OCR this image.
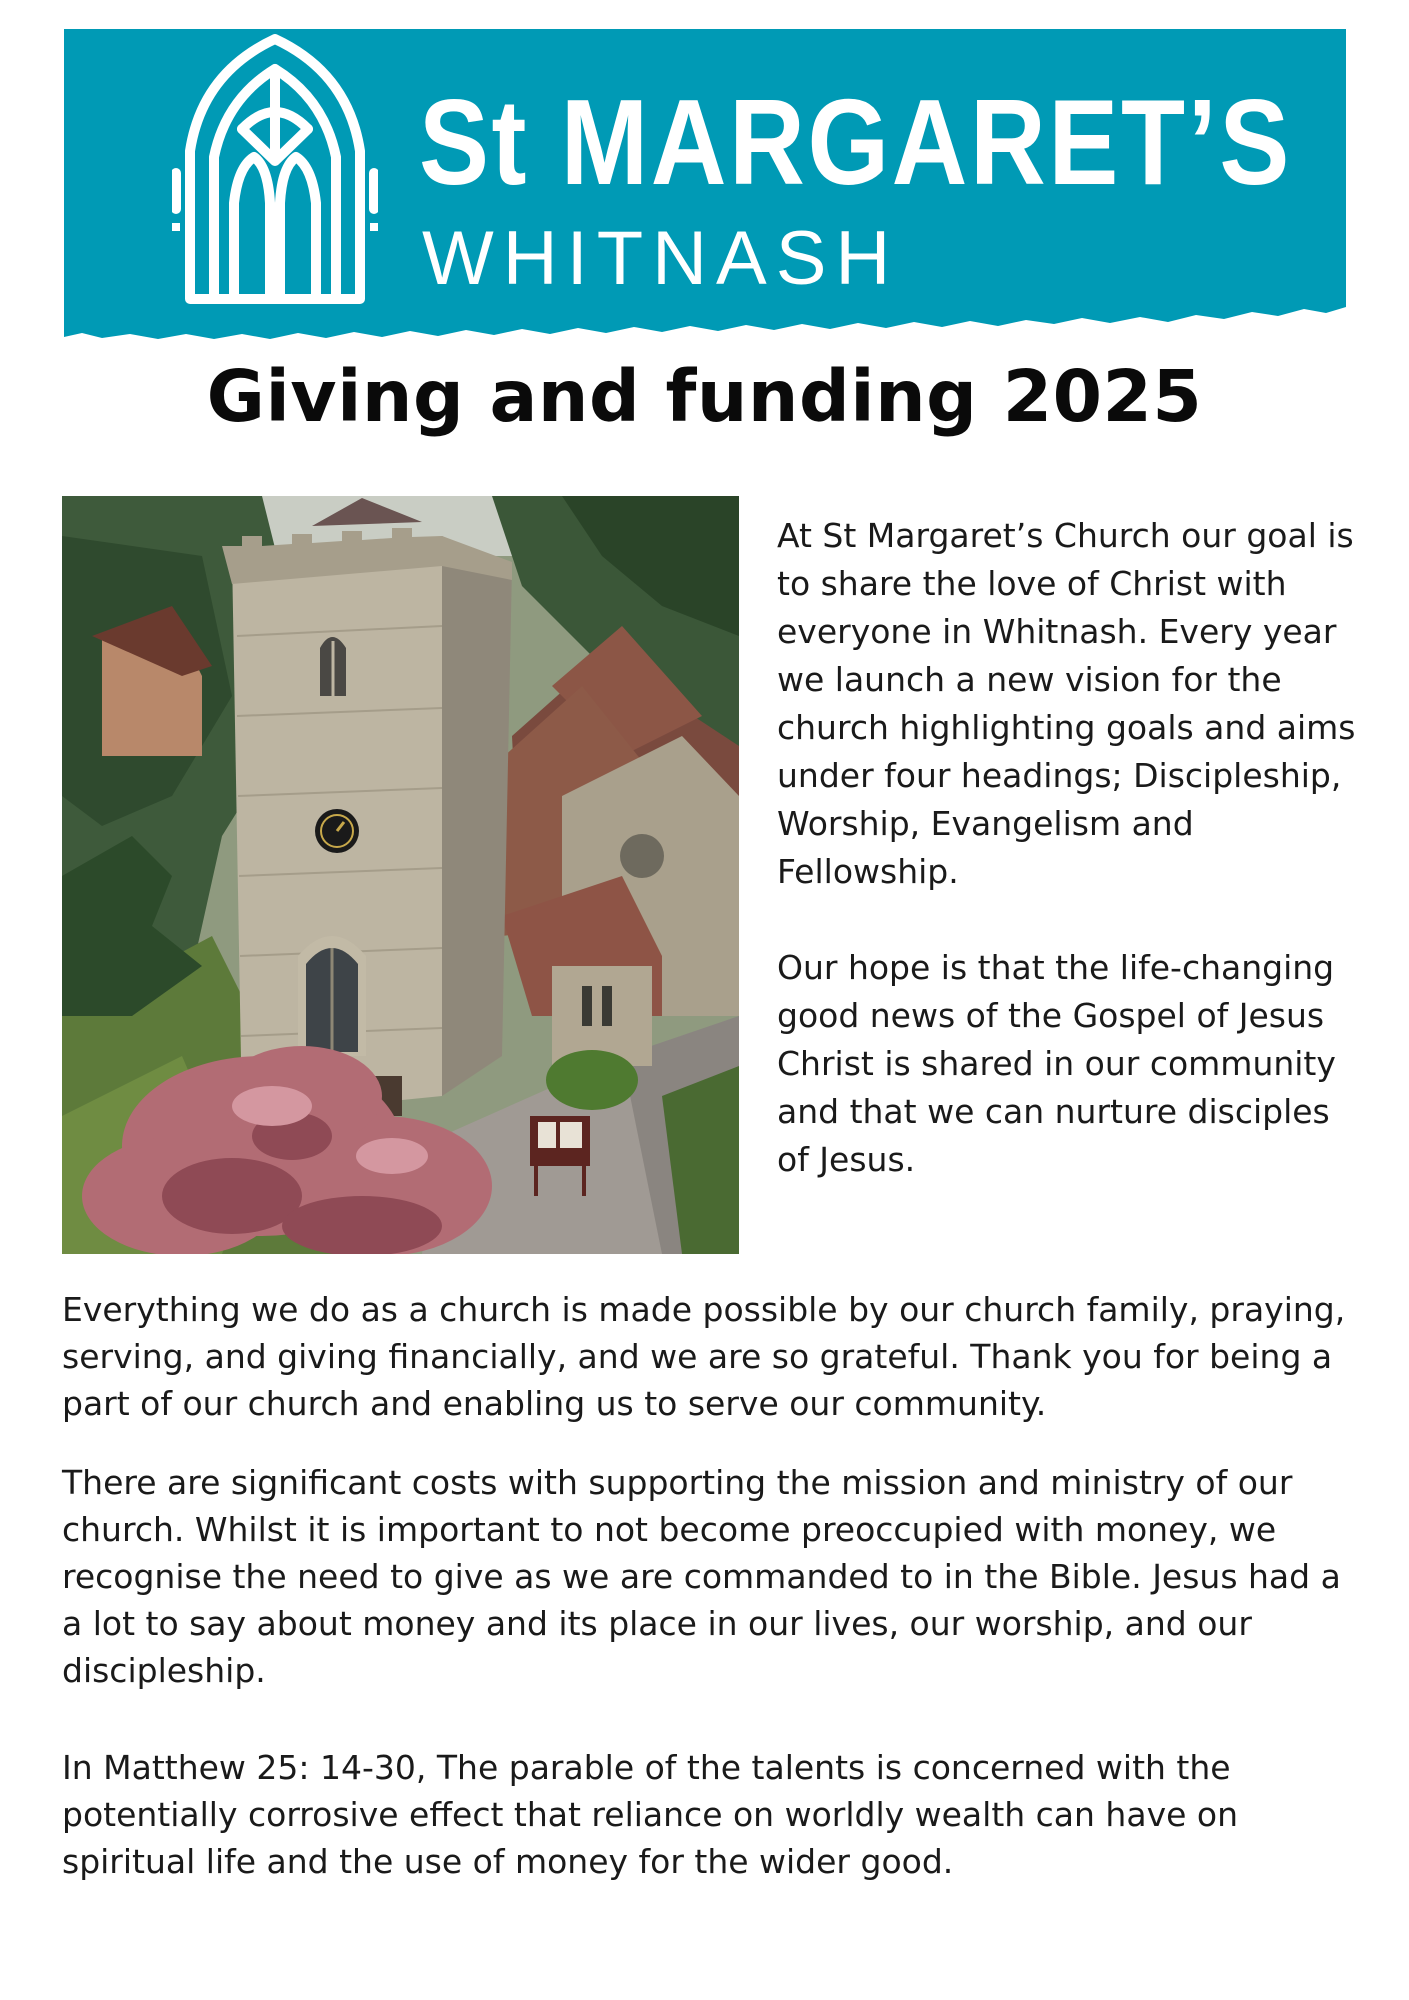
St MARGARET’S
WHITNASH
Giving and funding 2025

At St Margaret’s Church our goal is to share the love of Christ with everyone in Whitnash. Every year we launch a new vision for the church highlighting goals and aims under four headings; Discipleship, Worship, Evangelism and Fellowship.

Our hope is that the life-changing good news of the Gospel of Jesus Christ is shared in our community and that we can nurture disciples of Jesus.

Everything we do as a church is made possible by our church family, praying, serving, and giving financially, and we are so grateful. Thank you for being a part of our church and enabling us to serve our community.

There are significant costs with supporting the mission and ministry of our church. Whilst it is important to not become preoccupied with money, we recognise the need to give as we are commanded to in the Bible. Jesus had a a lot to say about money and its place in our lives, our worship, and our discipleship.

In Matthew 25: 14-30, The parable of the talents is concerned with the potentially corrosive effect that reliance on worldly wealth can have on spiritual life and the use of money for the wider good.
